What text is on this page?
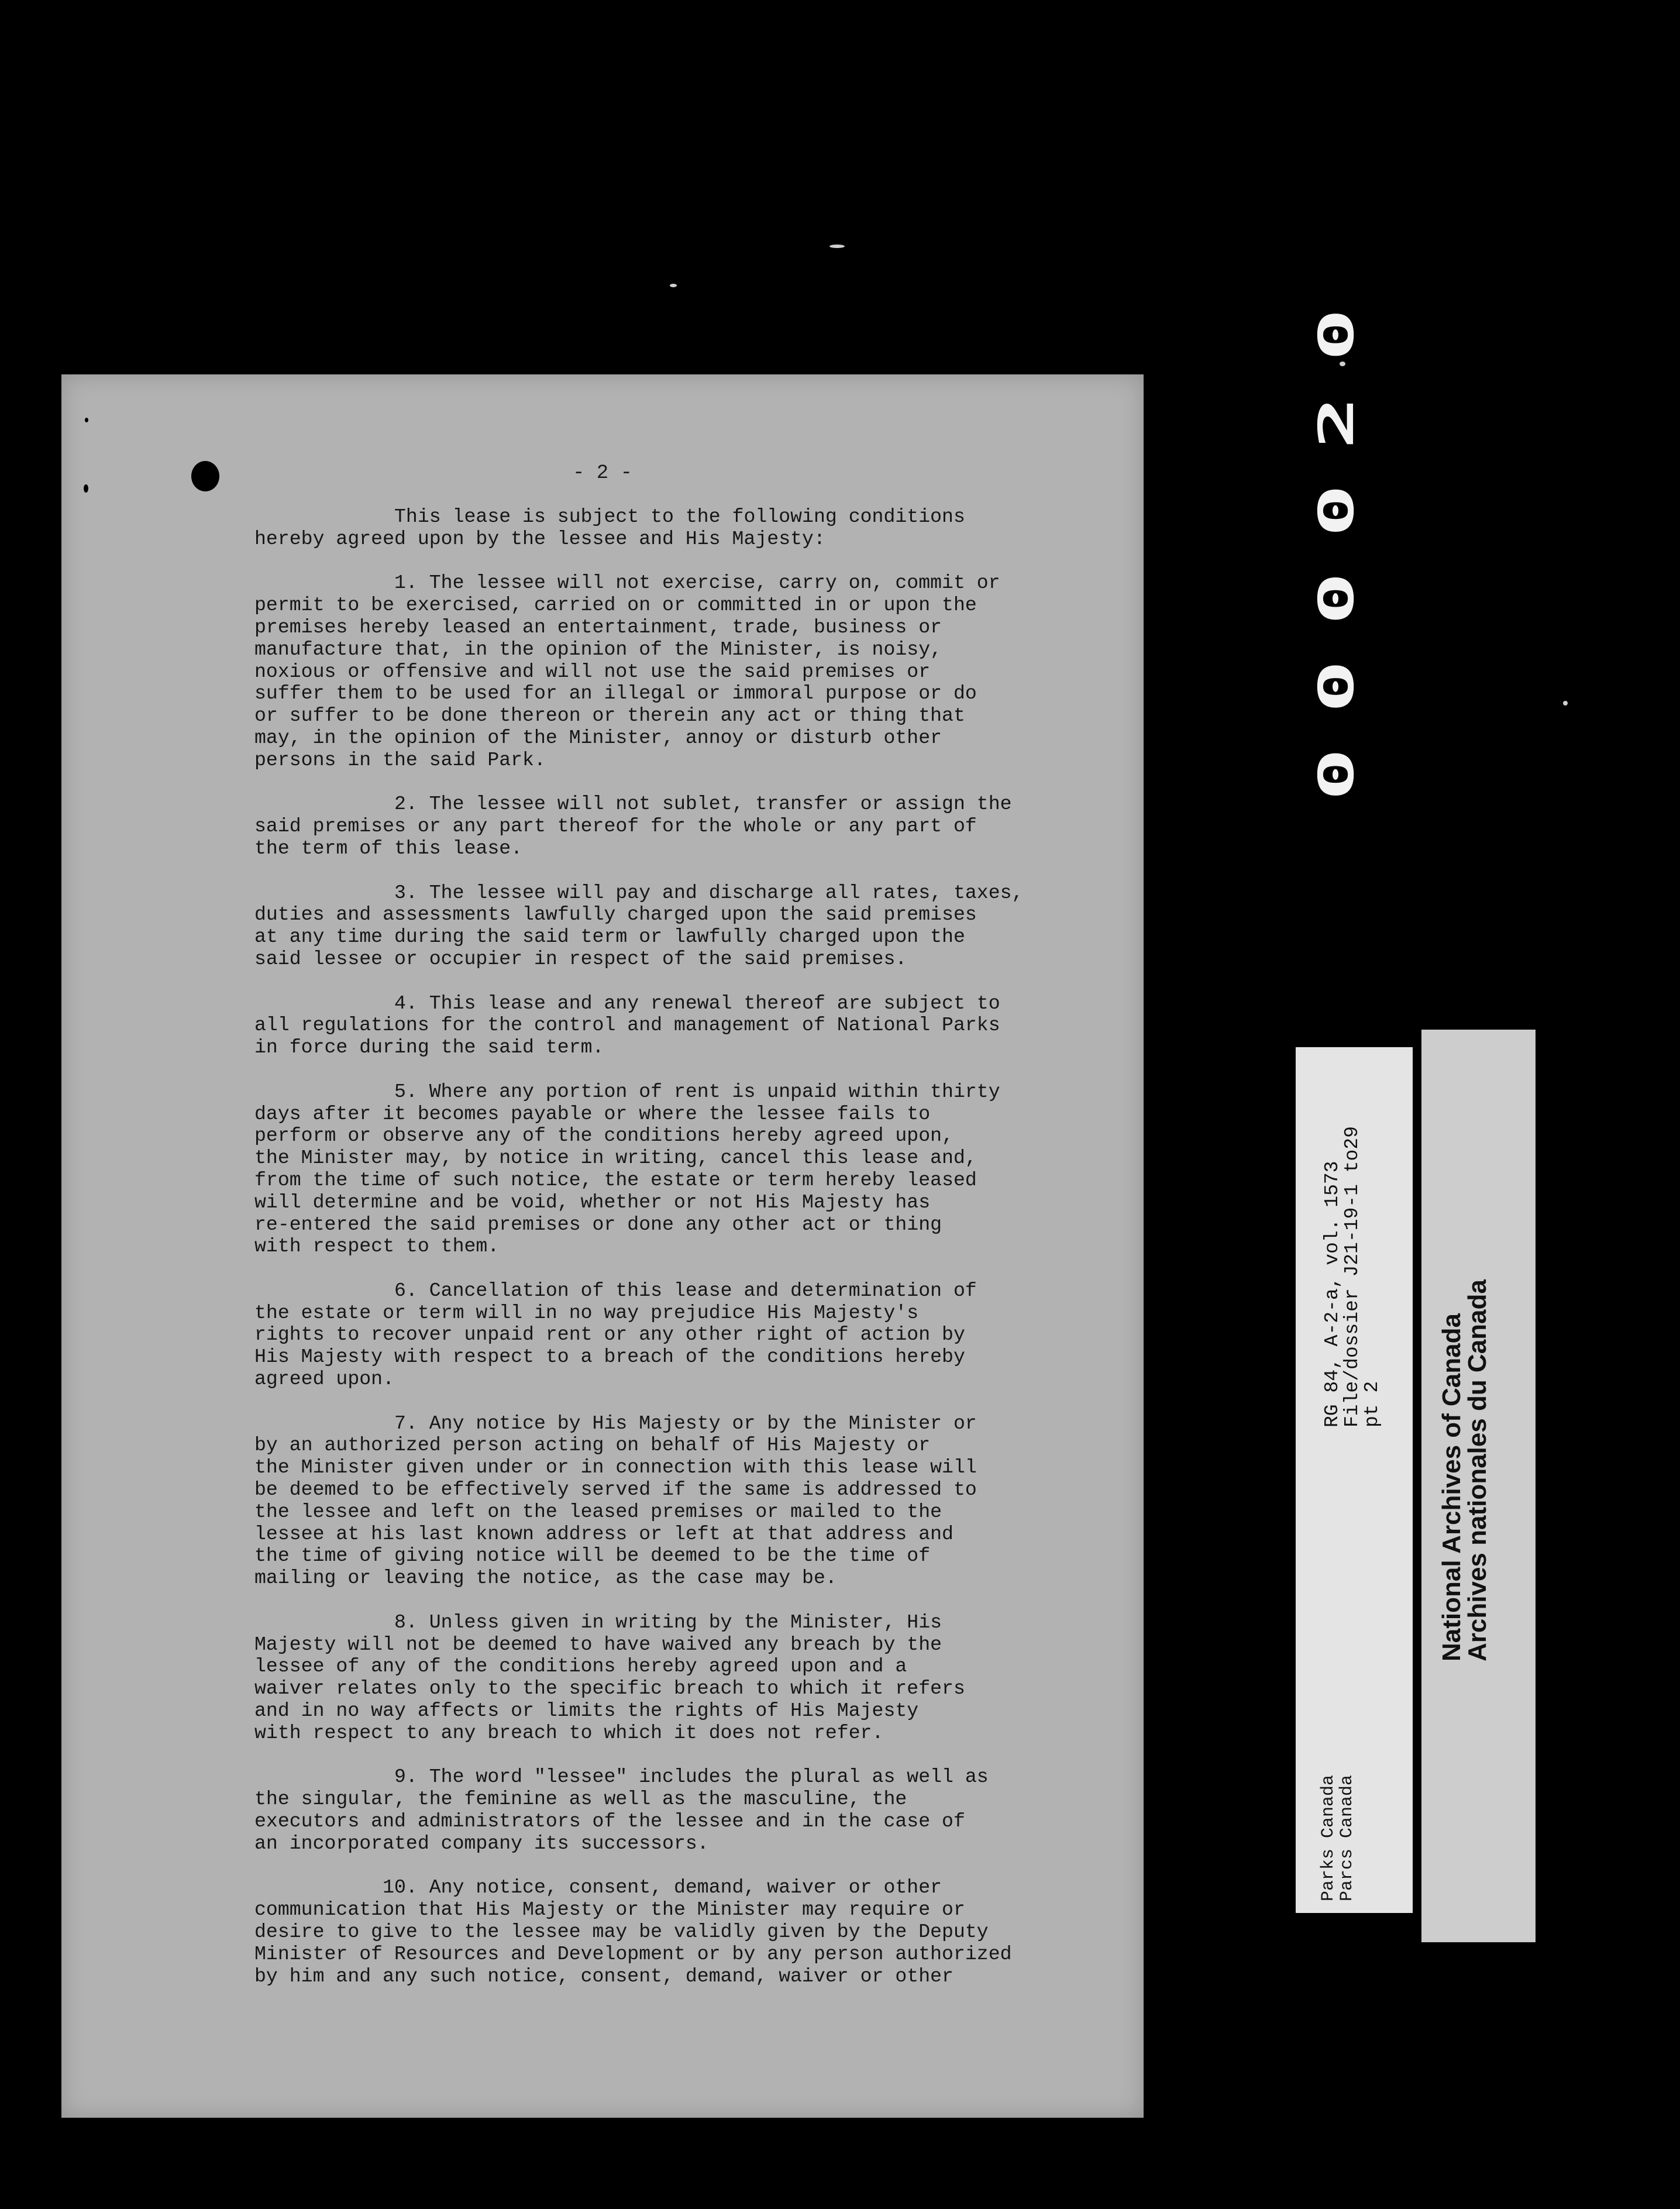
- 2 -
This lease is subject to the following conditions
hereby agreed upon by the lessee and His Majesty:
1. The lessee will not exercise, carry on, commit or
permit to be exercised, carried on or committed in or upon the
premises hereby leased an entertainment, trade, business or
manufacture that, in the opinion of the Minister, is noisy,
noxious or offensive and will not use the said premises or
suffer them to be used for an illegal or immoral purpose or do
or suffer to be done thereon or therein any act or thing that
may, in the opinion of the Minister, annoy or disturb other
persons in the said Park.
2. The lessee will not sublet, transfer or assign the
said premises or any part thereof for the whole or any part of
the term of this lease.
3. The lessee will pay and discharge all rates, taxes,
duties and assessments lawfully charged upon the said premises
at any time during the said term or lawfully charged upon the
said lessee or occupier in respect of the said premises.
4. This lease and any renewal thereof are subject to
all regulations for the control and management of National Parks
in force during the said term.
5. Where any portion of rent is unpaid within thirty
days after it becomes payable or where the lessee fails to
perform or observe any of the conditions hereby agreed upon,
the Minister may, by notice in writing, cancel this lease and,
from the time of such notice, the estate or term hereby leased
will determine and be void, whether or not His Majesty has
re-entered the said premises or done any other act or thing
with respect to them.
6. Cancellation of this lease and determination of
the estate or term will in no way prejudice His Majesty's
rights to recover unpaid rent or any other right of action by
His Majesty with respect to a breach of the conditions hereby
agreed upon.
7. Any notice by His Majesty or by the Minister or
by an authorized person acting on behalf of His Majesty or
the Minister given under or in connection with this lease will
be deemed to be effectively served if the same is addressed to
the lessee and left on the leased premises or mailed to the
lessee at his last known address or left at that address and
the time of giving notice will be deemed to be the time of
mailing or leaving the notice, as the case may be.
8. Unless given in writing by the Minister, His
Majesty will not be deemed to have waived any breach by the
lessee of any of the conditions hereby agreed upon and a
waiver relates only to the specific breach to which it refers
and in no way affects or limits the rights of His Majesty
with respect to any breach to which it does not refer.
9. The word "lessee" includes the plural as well as
the singular, the feminine as well as the masculine, the
executors and administrators of the lessee and in the case of
an incorporated company its successors.
10. Any notice, consent, demand, waiver or other
communication that His Majesty or the Minister may require or
desire to give to the lessee may be validly given by the Deputy
Minister of Resources and Development or by any person authorized
by him and any such notice, consent, demand, waiver or other
000020
RG 84, A-2-a, vol. 1573
File/dossier J21-19-1 to29
pt 2
Parks Canada
Parcs Canada
National Archives of Canada
Archives nationales du Canada
